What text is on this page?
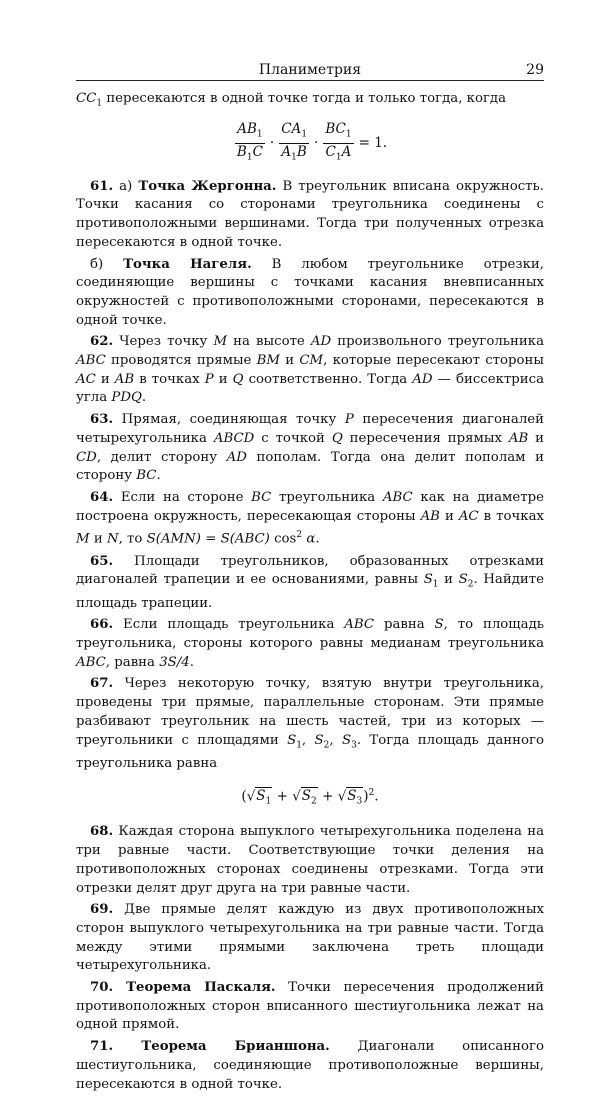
Планиметрия	29

$CC_1$ пересекаются в одной точке тогда и только тогда, когда

$\frac{AB_1}{B_1C} \cdot \frac{CA_1}{A_1B} \cdot \frac{BC_1}{C_1A} = 1$.

61. а) Точка Жергонна. В треугольник вписана окружность. Точки касания со сторонами треугольника соединены с противоположными вершинами. Тогда три полученных отрезка пересекаются в одной точке.

б) Точка Нагеля. В любом треугольнике отрезки, соединяющие вершины с точками касания вневписанных окружностей с противоположными сторонами, пересекаются в одной точке.

62. Через точку M на высоте AD произвольного треугольника ABC проводятся прямые BM и CM, которые пересекают стороны AC и AB в точках P и Q соответственно. Тогда AD — биссектриса угла PDQ.

63. Прямая, соединяющая точку P пересечения диагоналей четырехугольника ABCD с точкой Q пересечения прямых AB и CD, делит сторону AD пополам. Тогда она делит пополам и сторону BC.

64. Если на стороне BC треугольника ABC как на диаметре построена окружность, пересекающая стороны AB и AC в точках M и N, то S(AMN) = S(ABC) $\cos^2 \alpha$.

65. Площади треугольников, образованных отрезками диагоналей трапеции и ее основаниями, равны $S_1$ и $S_2$. Найдите площадь трапеции.

66. Если площадь треугольника ABC равна S, то площадь треугольника, стороны которого равны медианам треугольника ABC, равна 3S/4.

67. Через некоторую точку, взятую внутри треугольника, проведены три прямые, параллельные сторонам. Эти прямые разбивают треугольник на шесть частей, три из которых — треугольники с площадями $S_1$, $S_2$, $S_3$. Тогда площадь данного треугольника равна

$(√S_1 + √S_2 + √S_3)^2$.

68. Каждая сторона выпуклого четырехугольника поделена на три равные части. Соответствующие точки деления на противоположных сторонах соединены отрезками. Тогда эти отрезки делят друг друга на три равные части.

69. Две прямые делят каждую из двух противоположных сторон выпуклого четырехугольника на три равные части. Тогда между этими прямыми заключена треть площади четырехугольника.

70. Теорема Паскаля. Точки пересечения продолжений противоположных сторон вписанного шестиугольника лежат на одной прямой.

71. Теорема Брианшона. Диагонали описанного шестиугольника, соединяющие противоположные вершины, пересекаются в одной точке.
